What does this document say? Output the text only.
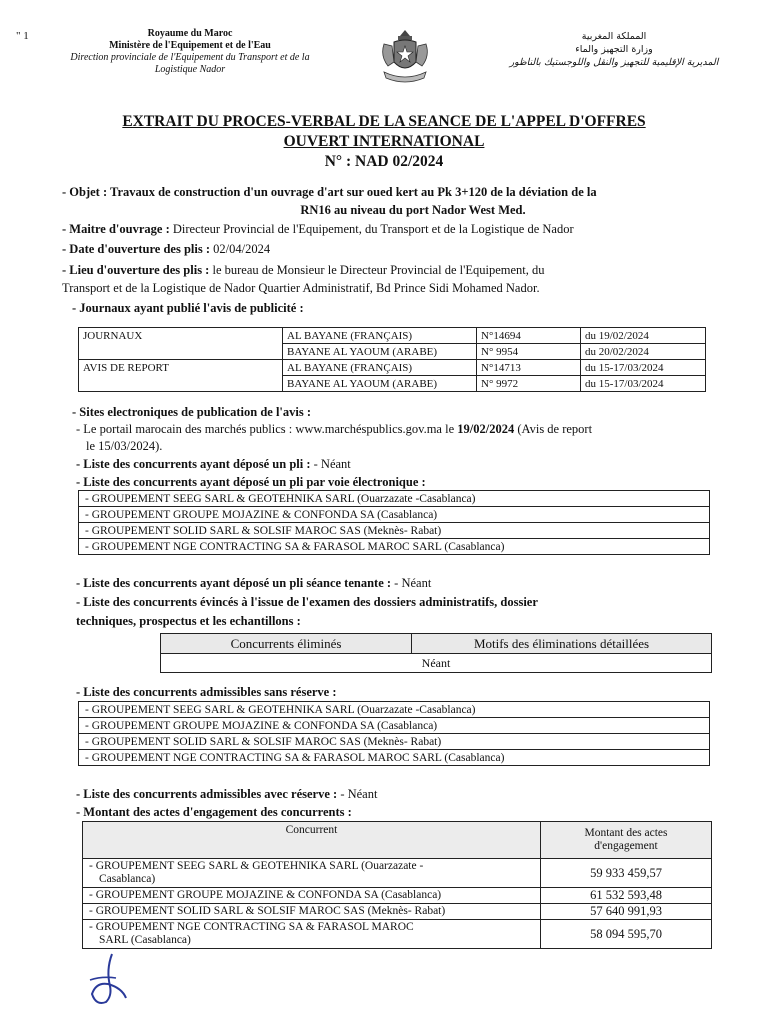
" 1	Royaume du Maroc
Ministère de l'Equipement et de l'Eau
Direction provinciale de l'Equipement du Transport et de la
Logistique Nador
المملكة المغربية
وزارة التجهيز والماء
المديرية الإقليمية للتجهيز والنقل واللوجستيك بالناظور
EXTRAIT DU PROCES-VERBAL DE LA SEANCE DE L'APPEL D'OFFRES
OUVERT INTERNATIONAL
N° : NAD 02/2024
- Objet : Travaux de construction d'un ouvrage d'art sur oued kert au Pk 3+120 de la déviation de la
RN16 au niveau du port Nador West Med.
- Maitre d'ouvrage : Directeur Provincial de l'Equipement, du Transport et de la Logistique de Nador
- Date d'ouverture des plis : 02/04/2024
- Lieu d'ouverture des plis : le bureau de Monsieur le Directeur Provincial de l'Equipement, du
Transport et de la Logistique de Nador Quartier Administratif, Bd Prince Sidi Mohamed Nador.
- Journaux ayant publié l'avis de publicité :
JOURNAUX	AL BAYANE (FRANÇAIS)	N°14694	du 19/02/2024
	BAYANE AL YAOUM (ARABE)	N° 9954	du 20/02/2024
AVIS DE REPORT	AL BAYANE (FRANÇAIS)	N°14713	du 15-17/03/2024
	BAYANE AL YAOUM (ARABE)	N° 9972	du 15-17/03/2024
- Sites electroniques de publication de l'avis :
- Le portail marocain des marchés publics : www.marchéspublics.gov.ma le 19/02/2024 (Avis de report
le 15/03/2024).
- Liste des concurrents ayant déposé un pli : - Néant
- Liste des concurrents ayant déposé un pli par voie électronique :
- GROUPEMENT SEEG SARL & GEOTEHNIKA SARL (Ouarzazate -Casablanca)
- GROUPEMENT GROUPE MOJAZINE & CONFONDA SA (Casablanca)
- GROUPEMENT SOLID SARL & SOLSIF MAROC SAS (Meknès- Rabat)
- GROUPEMENT NGE CONTRACTING SA & FARASOL MAROC SARL (Casablanca)
- Liste des concurrents ayant déposé un pli séance tenante : - Néant
- Liste des concurrents évincés à l'issue de l'examen des dossiers administratifs, dossier
techniques, prospectus et les echantillons :
Concurrents éliminés	Motifs des éliminations détaillées
Néant
- Liste des concurrents admissibles sans réserve :
- GROUPEMENT SEEG SARL & GEOTEHNIKA SARL (Ouarzazate -Casablanca)
- GROUPEMENT GROUPE MOJAZINE & CONFONDA SA (Casablanca)
- GROUPEMENT SOLID SARL & SOLSIF MAROC SAS (Meknès- Rabat)
- GROUPEMENT NGE CONTRACTING SA & FARASOL MAROC SARL (Casablanca)
- Liste des concurrents admissibles avec réserve : - Néant
- Montant des actes d'engagement des concurrents :
Concurrent	Montant des actes
d'engagement

- GROUPEMENT SEEG SARL & GEOTEHNIKA SARL (Ouarzazate -
Casablanca)	59 933 459,57
- GROUPEMENT GROUPE MOJAZINE & CONFONDA SA (Casablanca)	61 532 593,48
- GROUPEMENT SOLID SARL & SOLSIF MAROC SAS (Meknès- Rabat)	57 640 991,93

- GROUPEMENT NGE CONTRACTING SA & FARASOL MAROC
SARL (Casablanca)	58 094 595,70
